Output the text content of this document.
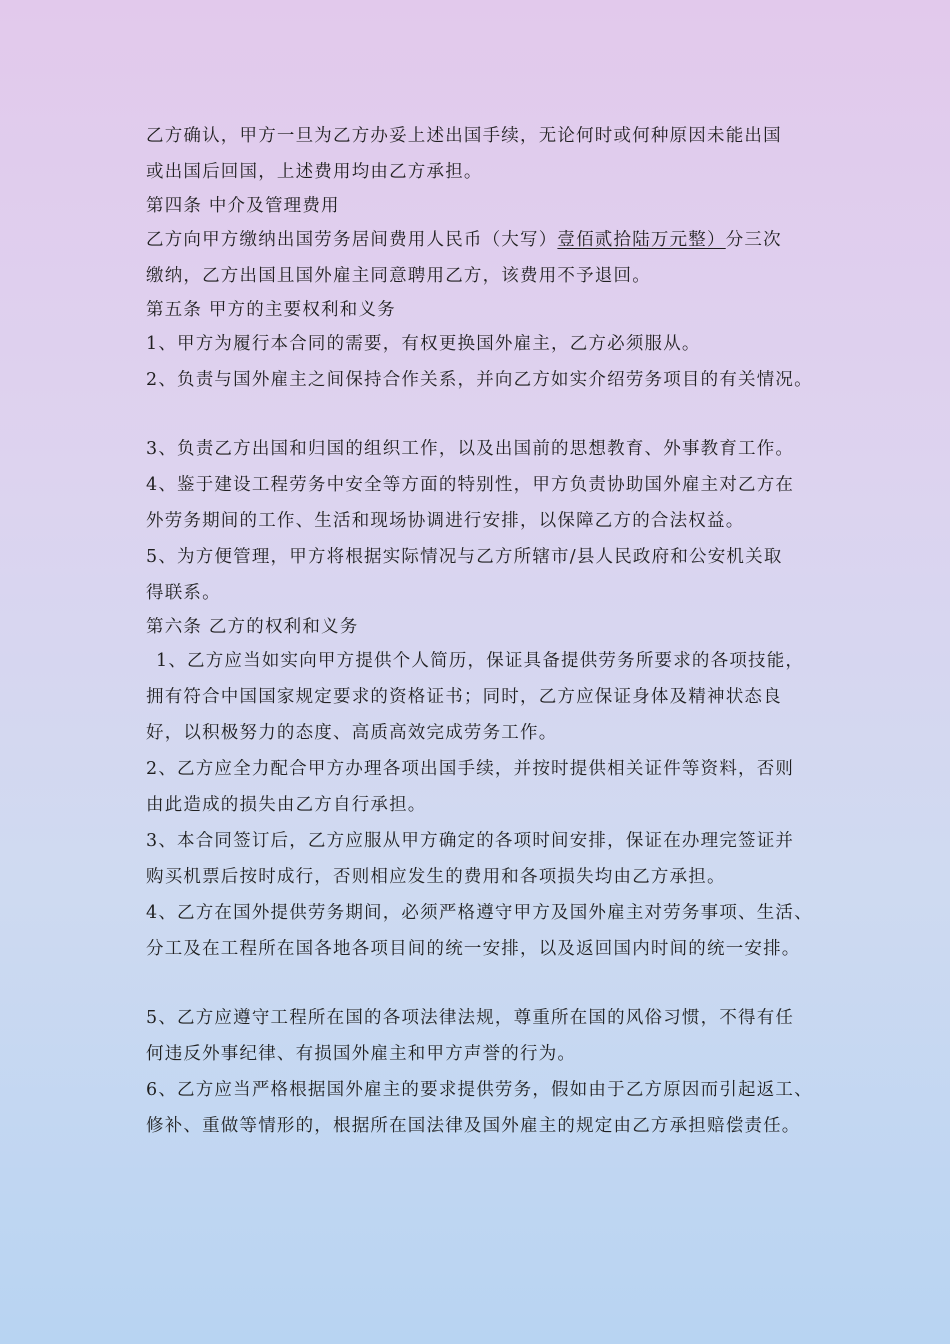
乙方确认，甲方一旦为乙方办妥上述出国手续，无论何时或何种原因未能出国
或出国后回国，上述费用均由乙方承担。
第四条 中介及管理费用
乙方向甲方缴纳出国劳务居间费用人民币（大写）壹佰贰拾陆万元整）分三次
缴纳，乙方出国且国外雇主同意聘用乙方，该费用不予退回。
第五条 甲方的主要权利和义务
1、甲方为履行本合同的需要，有权更换国外雇主，乙方必须服从。
2、负责与国外雇主之间保持合作关系，并向乙方如实介绍劳务项目的有关情况。
3、负责乙方出国和归国的组织工作，以及出国前的思想教育、外事教育工作。
4、鉴于建设工程劳务中安全等方面的特别性，甲方负责协助国外雇主对乙方在
外劳务期间的工作、生活和现场协调进行安排，以保障乙方的合法权益。
5、为方便管理，甲方将根据实际情况与乙方所辖市/县人民政府和公安机关取
得联系。
第六条 乙方的权利和义务
1、乙方应当如实向甲方提供个人简历，保证具备提供劳务所要求的各项技能，
拥有符合中国国家规定要求的资格证书；同时，乙方应保证身体及精神状态良
好，以积极努力的态度、高质高效完成劳务工作。
2、乙方应全力配合甲方办理各项出国手续，并按时提供相关证件等资料，否则
由此造成的损失由乙方自行承担。
3、本合同签订后，乙方应服从甲方确定的各项时间安排，保证在办理完签证并
购买机票后按时成行，否则相应发生的费用和各项损失均由乙方承担。
4、乙方在国外提供劳务期间，必须严格遵守甲方及国外雇主对劳务事项、生活、
分工及在工程所在国各地各项目间的统一安排，以及返回国内时间的统一安排。
5、乙方应遵守工程所在国的各项法律法规，尊重所在国的风俗习惯，不得有任
何违反外事纪律、有损国外雇主和甲方声誉的行为。
6、乙方应当严格根据国外雇主的要求提供劳务，假如由于乙方原因而引起返工、
修补、重做等情形的，根据所在国法律及国外雇主的规定由乙方承担赔偿责任。
